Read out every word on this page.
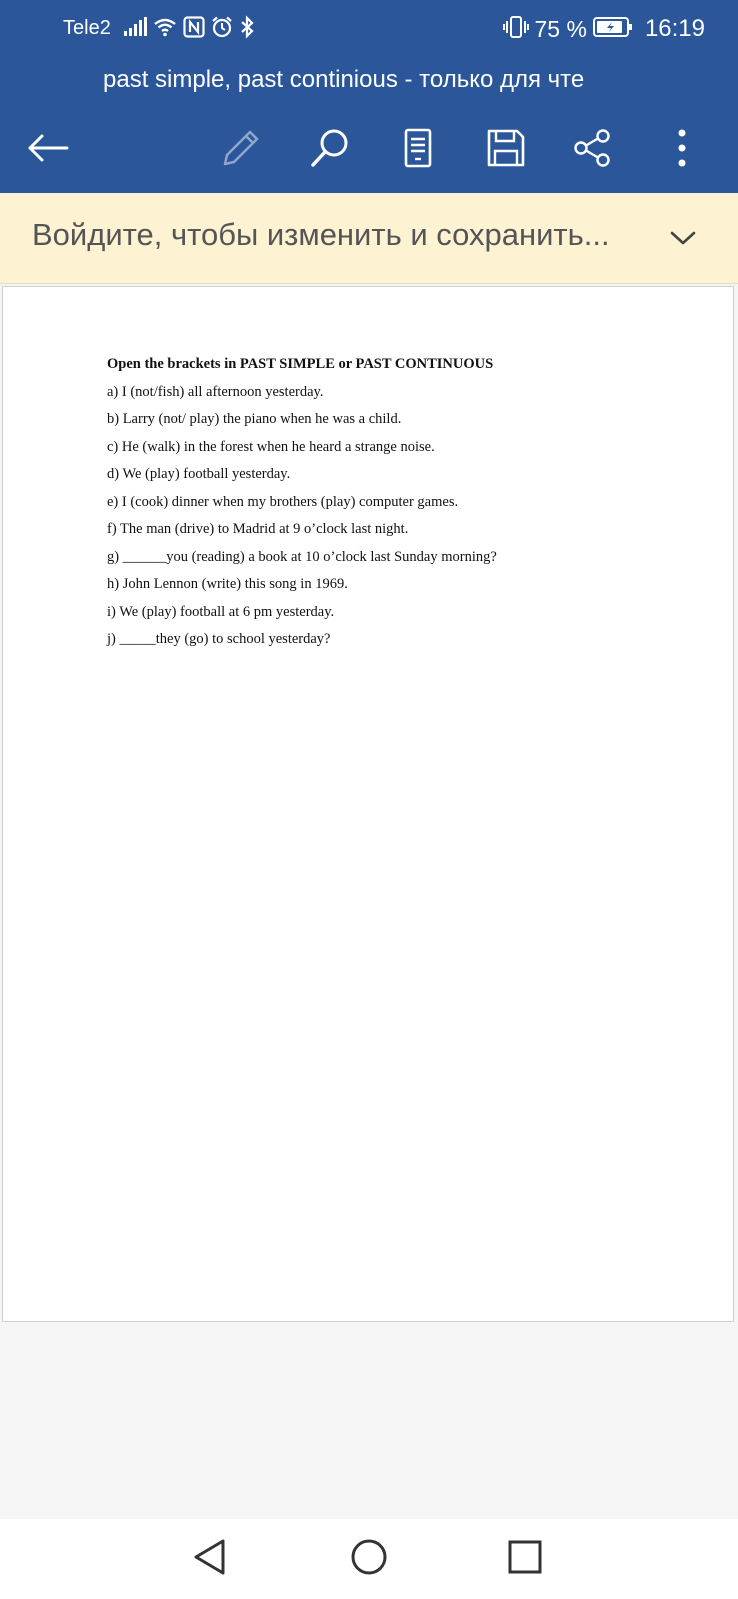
Tele2	75 % 16:19
past simple, past continious - только для чте
Войдите, чтобы изменить и сохранить...
Open the brackets in PAST SIMPLE or PAST CONTINUOUS
a) I (not/fish) all afternoon yesterday.
b) Larry (not/ play) the piano when he was a child.
c) He (walk) in the forest when he heard a strange noise.
d) We (play) football yesterday.
e) I (cook) dinner when my brothers (play) computer games.
f) The man (drive) to Madrid at 9 o’clock last night.
g) ______you (reading) a book at 10 o’clock last Sunday morning?
h) John Lennon (write) this song in 1969.
i) We (play) football at 6 pm yesterday.
j) _____they (go) to school yesterday?
